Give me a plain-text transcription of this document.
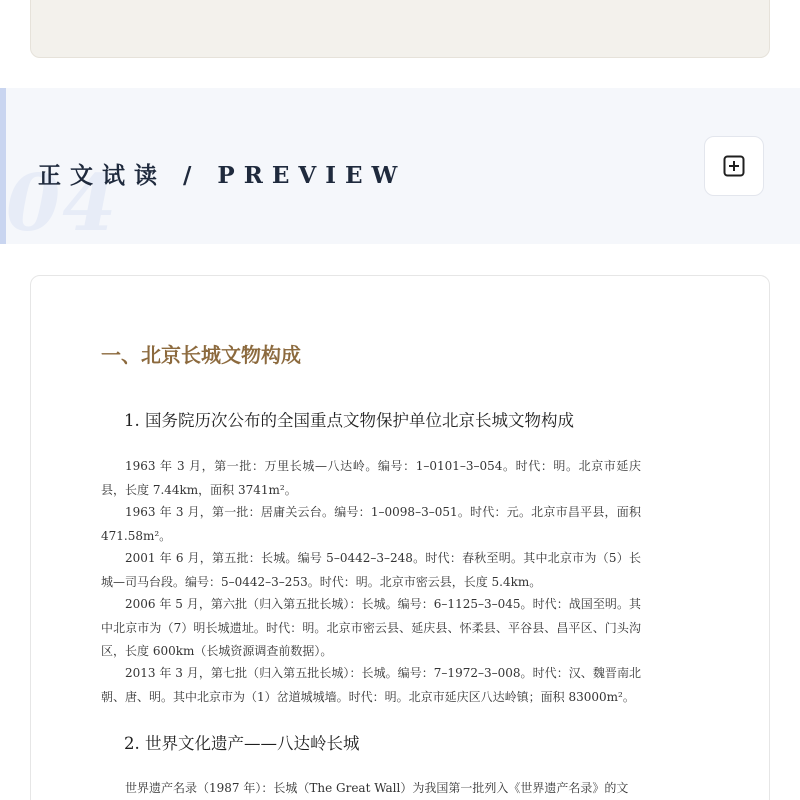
04
正文试读 / PREVIEW
一、北京长城文物构成
1. 国务院历次公布的全国重点文物保护单位北京长城文物构成
1963 年 3 月，第一批：万里长城—八达岭。编号：1–0101–3–054。时代：明。北京市延庆县，长度 7.44km，面积 3741m²。
1963 年 3 月，第一批：居庸关云台。编号：1–0098–3–051。时代：元。北京市昌平县，面积 471.58m²。
2001 年 6 月，第五批：长城。编号 5–0442–3–248。时代：春秋至明。其中北京市为（5）长城—司马台段。编号：5–0442–3–253。时代：明。北京市密云县，长度 5.4km。
2006 年 5 月，第六批（归入第五批长城）：长城。编号：6–1125–3–045。时代：战国至明。其中北京市为（7）明长城遗址。时代：明。北京市密云县、延庆县、怀柔县、平谷县、昌平区、门头沟区，长度 600km（长城资源调查前数据）。
2013 年 3 月，第七批（归入第五批长城）：长城。编号：7–1972–3–008。时代：汉、魏晋南北朝、唐、明。其中北京市为（1）岔道城城墙。时代：明。北京市延庆区八达岭镇；面积 83000m²。
2. 世界文化遗产——八达岭长城
世界遗产名录（1987 年）：长城（The Great Wall）为我国第一批列入《世界遗产名录》的文
